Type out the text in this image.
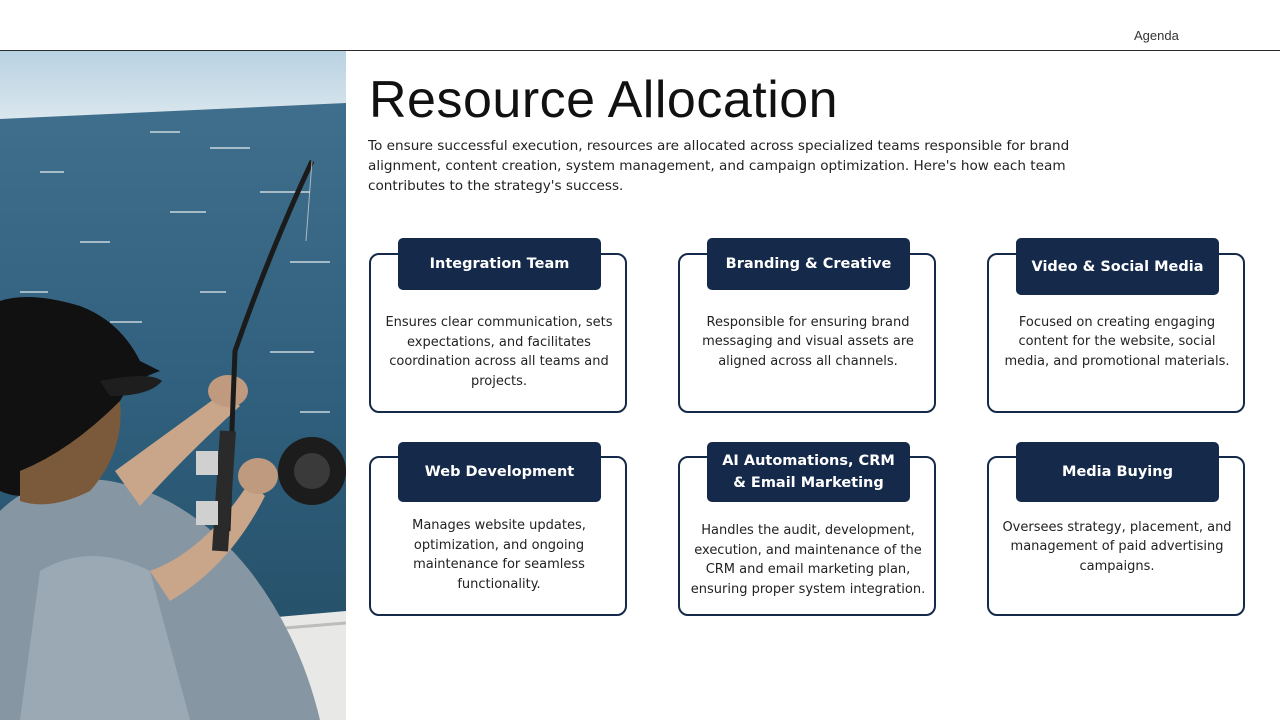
Agenda
Resource Allocation

To ensure successful execution, resources are allocated across specialized teams responsible for brand alignment, content creation, system management, and campaign optimization. Here's how each team contributes to the strategy's success.

Integration Team
Ensures clear communication, sets expectations, and facilitates coordination across all teams and projects.
Branding & Creative
Responsible for ensuring brand messaging and visual assets are aligned across all channels.
Video & Social Media
Focused on creating engaging content for the website, social media, and promotional materials.
Web Development
Manages website updates, optimization, and ongoing maintenance for seamless functionality.
AI Automations, CRM & Email Marketing
Handles the audit, development, execution, and maintenance of the CRM and email marketing plan, ensuring proper system integration.
Media Buying
Oversees strategy, placement, and management of paid advertising campaigns.
